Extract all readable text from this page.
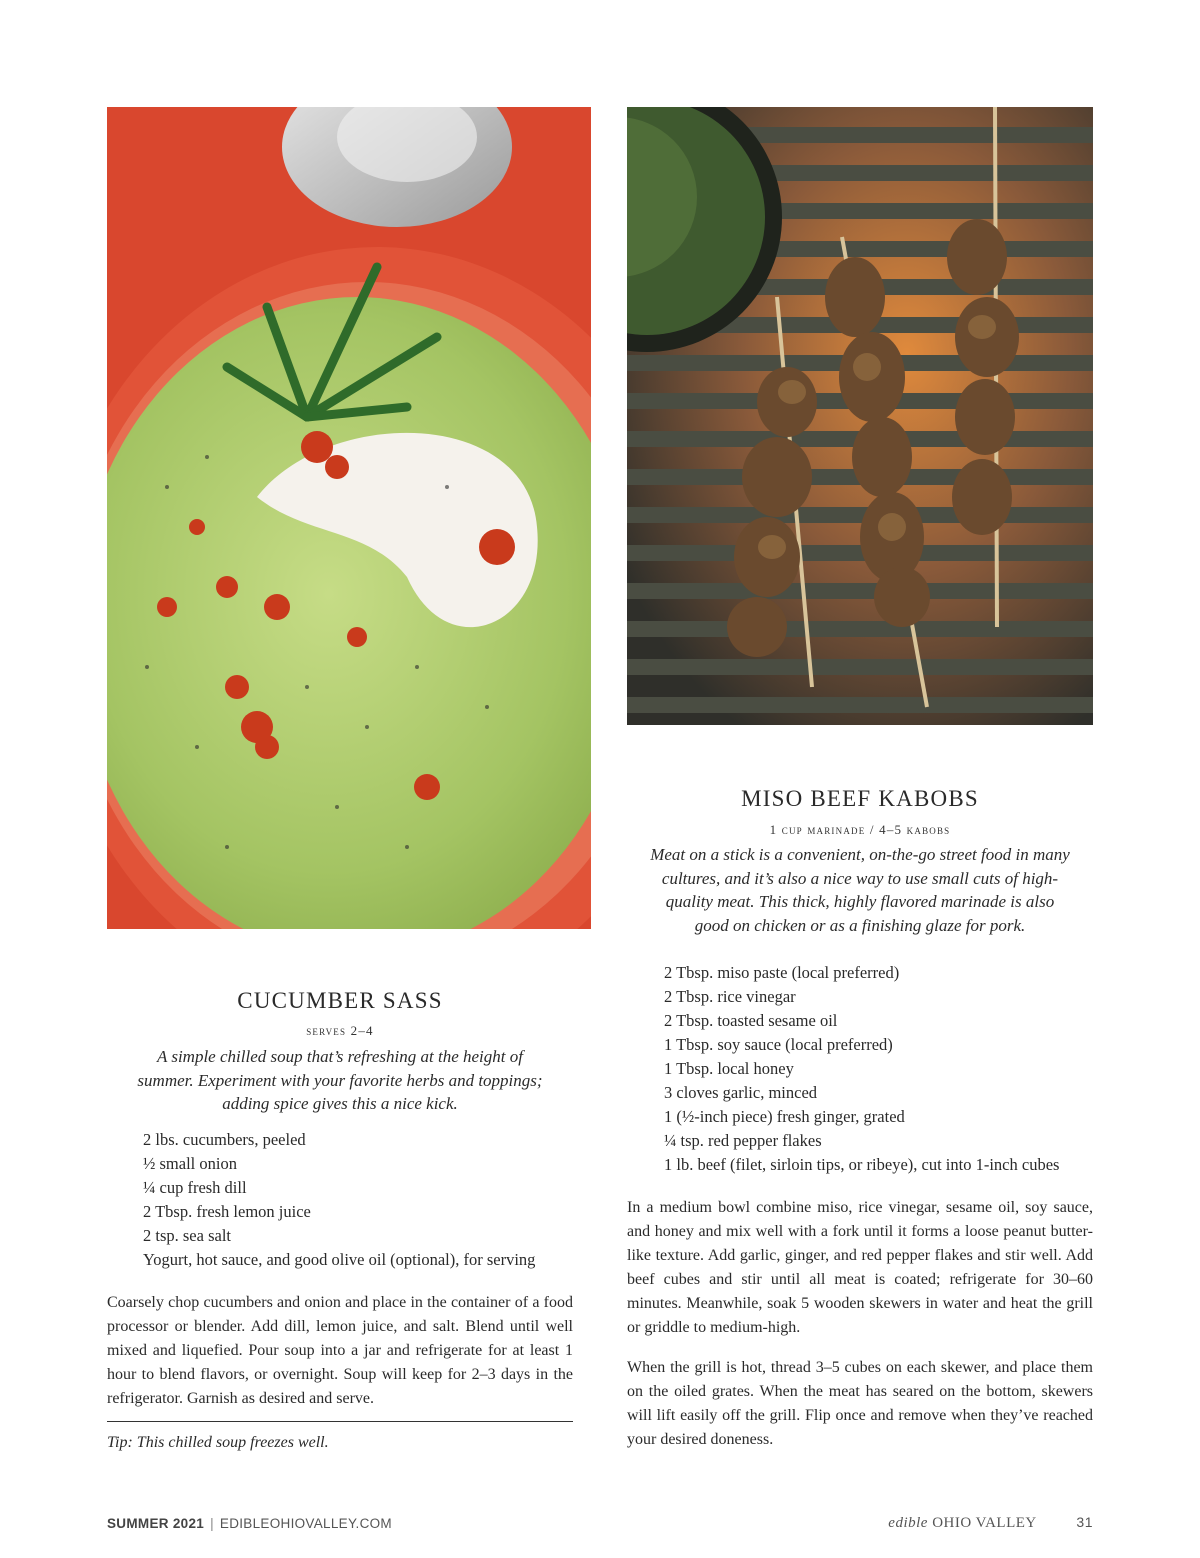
CUCUMBER SASS
serves 2–4

A simple chilled soup that’s refreshing at the height of summer. Experiment with your favorite herbs and toppings; adding spice gives this a nice kick.

2 lbs. cucumbers, peeled
½ small onion
¼ cup fresh dill
2 Tbsp. fresh lemon juice
2 tsp. sea salt
Yogurt, hot sauce, and good olive oil (optional), for serving

Coarsely chop cucumbers and onion and place in the container of a food processor or blender. Add dill, lemon juice, and salt. Blend until well mixed and liquefied. Pour soup into a jar and refrigerate for at least 1 hour to blend flavors, or overnight. Soup will keep for 2–3 days in the refrigerator. Garnish as desired and serve.

Tip: This chilled soup freezes well.

MISO BEEF KABOBS
1 cup marinade / 4–5 kabobs

Meat on a stick is a convenient, on-the-go street food in many cultures, and it’s also a nice way to use small cuts of high-quality meat. This thick, highly flavored marinade is also good on chicken or as a finishing glaze for pork.

2 Tbsp. miso paste (local preferred)
2 Tbsp. rice vinegar
2 Tbsp. toasted sesame oil
1 Tbsp. soy sauce (local preferred)
1 Tbsp. local honey
3 cloves garlic, minced
1 (½-inch piece) fresh ginger, grated
¼ tsp. red pepper flakes
1 lb. beef (filet, sirloin tips, or ribeye), cut into 1-inch cubes

In a medium bowl combine miso, rice vinegar, sesame oil, soy sauce, and honey and mix well with a fork until it forms a loose peanut butter-like texture. Add garlic, ginger, and red pepper flakes and stir well. Add beef cubes and stir until all meat is coated; refrigerate for 30–60 minutes. Meanwhile, soak 5 wooden skewers in water and heat the grill or griddle to medium-high.

When the grill is hot, thread 3–5 cubes on each skewer, and place them on the oiled grates. When the meat has seared on the bottom, skewers will lift easily off the grill. Flip once and remove when they’ve reached your desired doneness.

SUMMER 2021 | EDIBLEOHIOVALLEY.COM	edible OHIO VALLEY	31
